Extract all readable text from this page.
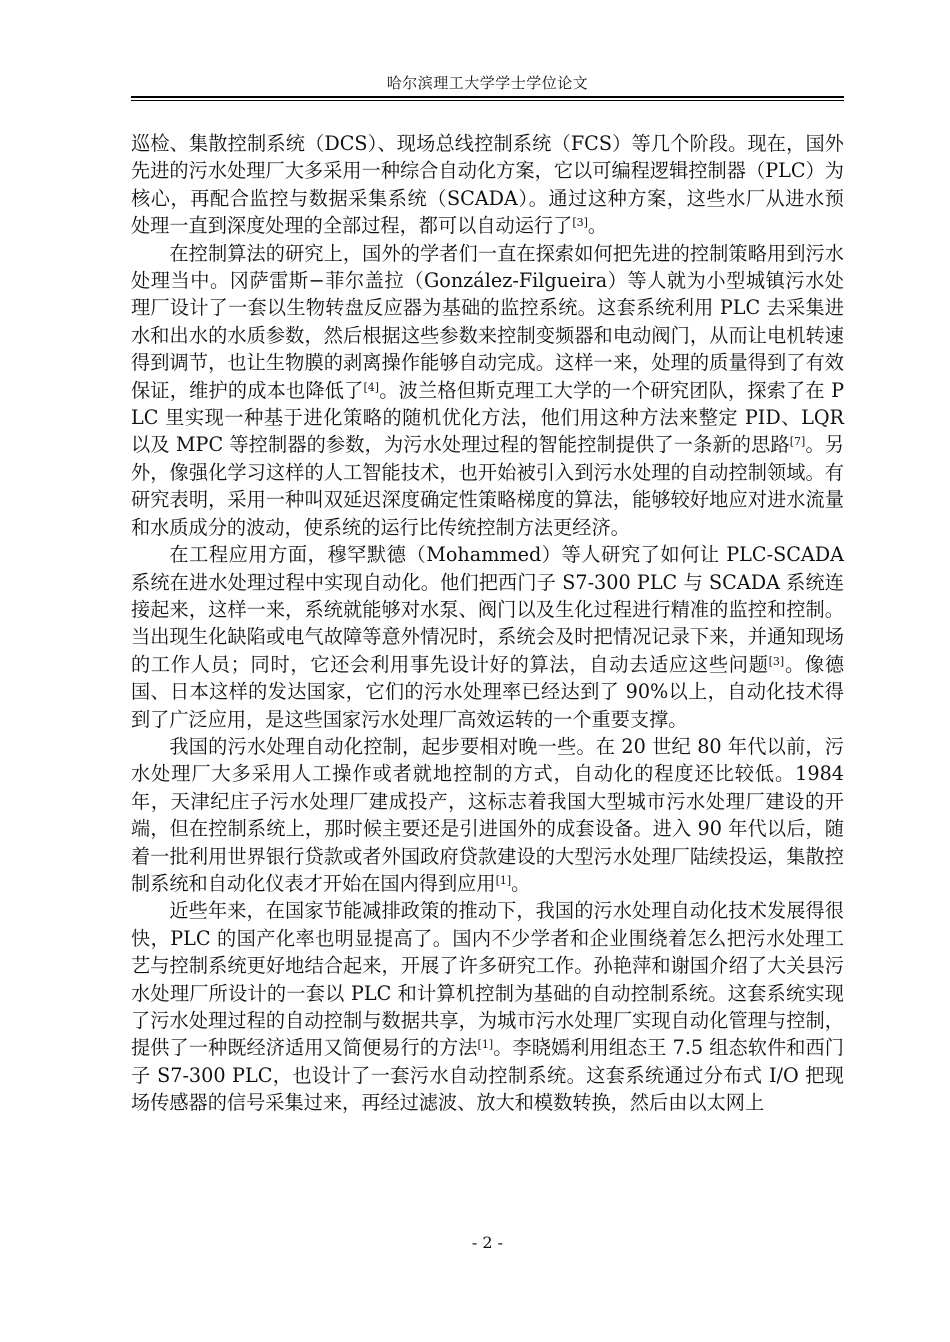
哈尔滨理工大学学士学位论文

巡检、集散控制系统（DCS）、现场总线控制系统（FCS）等几个阶段。现在，国外先进的污水处理厂大多采用一种综合自动化方案，它以可编程逻辑控制器（PLC）为核心，再配合监控与数据采集系统（SCADA）。通过这种方案，这些水厂从进水预处理一直到深度处理的全部过程，都可以自动运行了[3]。

在控制算法的研究上，国外的学者们一直在探索如何把先进的控制策略用到污水处理当中。冈萨雷斯−菲尔盖拉（González-Filgueira）等人就为小型城镇污水处理厂设计了一套以生物转盘反应器为基础的监控系统。这套系统利用 PLC 去采集进水和出水的水质参数，然后根据这些参数来控制变频器和电动阀门，从而让电机转速得到调节，也让生物膜的剥离操作能够自动完成。这样一来，处理的质量得到了有效保证，维护的成本也降低了[4]。波兰格但斯克理工大学的一个研究团队，探索了在 PLC 里实现一种基于进化策略的随机优化方法，他们用这种方法来整定 PID、LQR 以及 MPC 等控制器的参数，为污水处理过程的智能控制提供了一条新的思路[7]。另外，像强化学习这样的人工智能技术，也开始被引入到污水处理的自动控制领域。有研究表明，采用一种叫双延迟深度确定性策略梯度的算法，能够较好地应对进水流量和水质成分的波动，使系统的运行比传统控制方法更经济。

在工程应用方面，穆罕默德（Mohammed）等人研究了如何让 PLC-SCADA 系统在进水处理过程中实现自动化。他们把西门子 S7-300 PLC 与 SCADA 系统连接起来，这样一来，系统就能够对水泵、阀门以及生化过程进行精准的监控和控制。当出现生化缺陷或电气故障等意外情况时，系统会及时把情况记录下来，并通知现场的工作人员；同时，它还会利用事先设计好的算法，自动去适应这些问题[3]。像德国、日本这样的发达国家，它们的污水处理率已经达到了 90%以上，自动化技术得到了广泛应用，是这些国家污水处理厂高效运转的一个重要支撑。

我国的污水处理自动化控制，起步要相对晚一些。在 20 世纪 80 年代以前，污水处理厂大多采用人工操作或者就地控制的方式，自动化的程度还比较低。1984 年，天津纪庄子污水处理厂建成投产，这标志着我国大型城市污水处理厂建设的开端，但在控制系统上，那时候主要还是引进国外的成套设备。进入 90 年代以后，随着一批利用世界银行贷款或者外国政府贷款建设的大型污水处理厂陆续投运，集散控制系统和自动化仪表才开始在国内得到应用[1]。

近些年来，在国家节能减排政策的推动下，我国的污水处理自动化技术发展得很快，PLC 的国产化率也明显提高了。国内不少学者和企业围绕着怎么把污水处理工艺与控制系统更好地结合起来，开展了许多研究工作。孙艳萍和谢国介绍了大关县污水处理厂所设计的一套以 PLC 和计算机控制为基础的自动控制系统。这套系统实现了污水处理过程的自动控制与数据共享，为城市污水处理厂实现自动化管理与控制，提供了一种既经济适用又简便易行的方法[1]。李晓嫣利用组态王 7.5 组态软件和西门子 S7-300 PLC，也设计了一套污水自动控制系统。这套系统通过分布式 I/O 把现场传感器的信号采集过来，再经过滤波、放大和模数转换，然后由以太网上

- 2 -
